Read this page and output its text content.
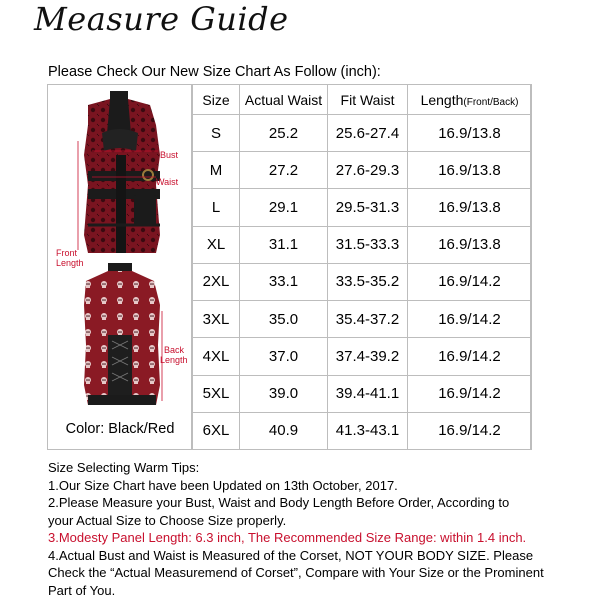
Measure Guide
Please Check Our New Size Chart As Follow (inch):
Bust
Waist
Front
Length
Back
Length
Color: Black/Red
Size	Actual Waist	Fit Waist	Length(Front/Back)
S	25.2	25.6-27.4	16.9/13.8
M	27.2	27.6-29.3	16.9/13.8
L	29.1	29.5-31.3	16.9/13.8
XL	31.1	31.5-33.3	16.9/13.8
2XL	33.1	33.5-35.2	16.9/14.2
3XL	35.0	35.4-37.2	16.9/14.2
4XL	37.0	37.4-39.2	16.9/14.2
5XL	39.0	39.4-41.1	16.9/14.2
6XL	40.9	41.3-43.1	16.9/14.2
Size Selecting Warm Tips:
1.Our Size Chart have been Updated on 13th October, 2017.
2.Please Measure your Bust, Waist and Body Length Before Order, According to
your Actual Size to Choose Size properly.
3.Modesty Panel Length: 6.3 inch, The Recommended Size Range: within 1.4 inch.
4.Actual Bust and Waist is Measured of the Corset, NOT YOUR BODY SIZE. Please
Check the “Actual Measuremend of Corset”, Compare with Your Size or the Prominent
Part of You.
